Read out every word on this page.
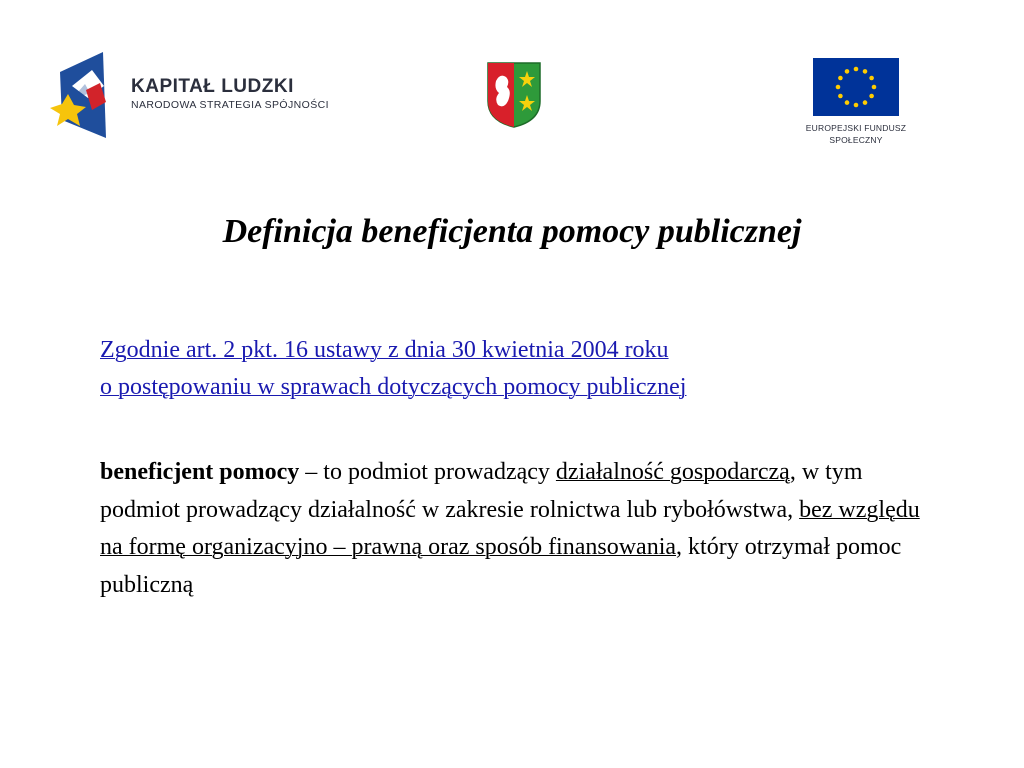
KAPITAŁ LUDZKI
NARODOWA STRATEGIA SPÓJNOŚCI
EUROPEJSKI FUNDUSZ
SPOŁECZNY
Definicja beneficjenta pomocy publicznej
Zgodnie art. 2 pkt. 16 ustawy z dnia 30 kwietnia 2004 roku
o postępowaniu w sprawach dotyczących pomocy publicznej
beneficjent pomocy – to podmiot prowadzący działalność gospodarczą, w tym podmiot prowadzący działalność w zakresie rolnictwa lub rybołówstwa, bez względu na formę organizacyjno – prawną oraz sposób finansowania, który otrzymał pomoc publiczną
